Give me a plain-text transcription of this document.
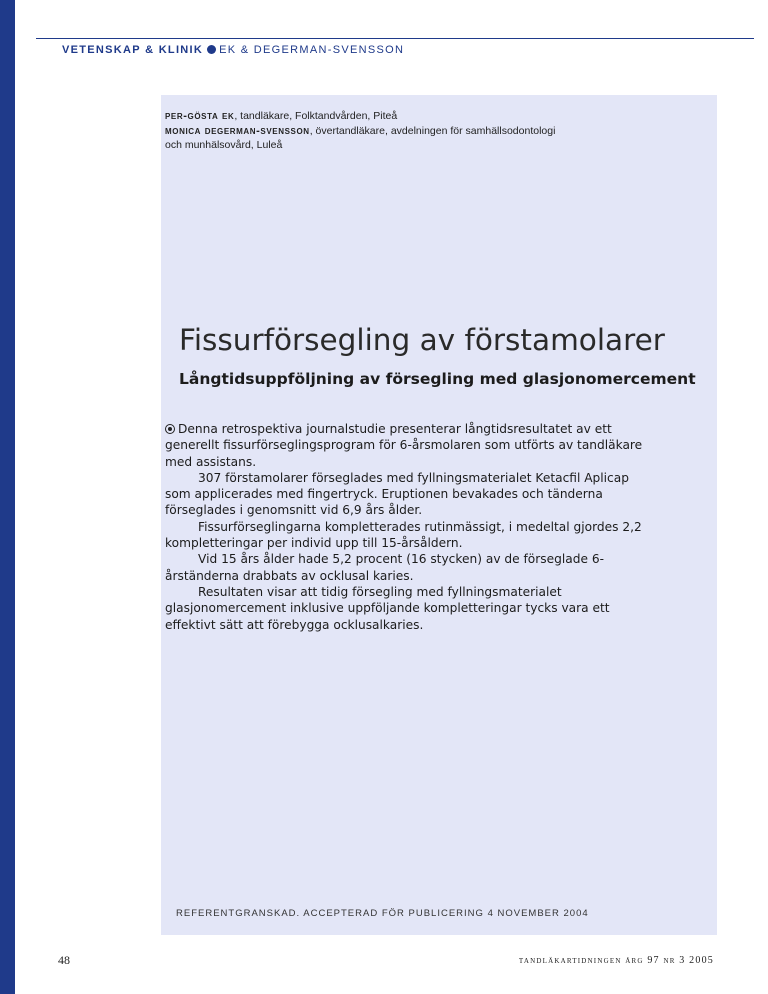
VETENSKAP & KLINIK EK & DEGERMAN-SVENSSON
per-gösta ek, tandläkare, Folktandvården, Piteå
monica degerman-svensson, övertandläkare, avdelningen för samhällsodontologi
och munhälsovård, Luleå
Fissurförsegling av förstamolarer
Långtidsuppföljning av försegling med glasjonomercement

Denna retrospektiva journalstudie presenterar långtidsresultatet av ett generellt fissurförseglingsprogram för 6-årsmolaren som utförts av tandläkare med assistans.

307 förstamolarer förseglades med fyllningsmaterialet Ketacfil Aplicap som applicerades med fingertryck. Eruptionen bevakades och tänderna förseglades i genomsnitt vid 6,9 års ålder.

Fissurförseglingarna kompletterades rutinmässigt, i medeltal gjordes 2,2 kompletteringar per individ upp till 15-årsåldern.

Vid 15 års ålder hade 5,2 procent (16 stycken) av de förseglade 6-årständerna drabbats av ocklusal karies.

Resultaten visar att tidig försegling med fyllningsmaterialet glasjonomercement inklusive uppföljande kompletteringar tycks vara ett effektivt sätt att förebygga ocklusalkaries.

REFERENTGRANSKAD. ACCEPTERAD FÖR PUBLICERING 4 NOVEMBER 2004
48	tandläkartidningen årg 97 nr 3 2005
